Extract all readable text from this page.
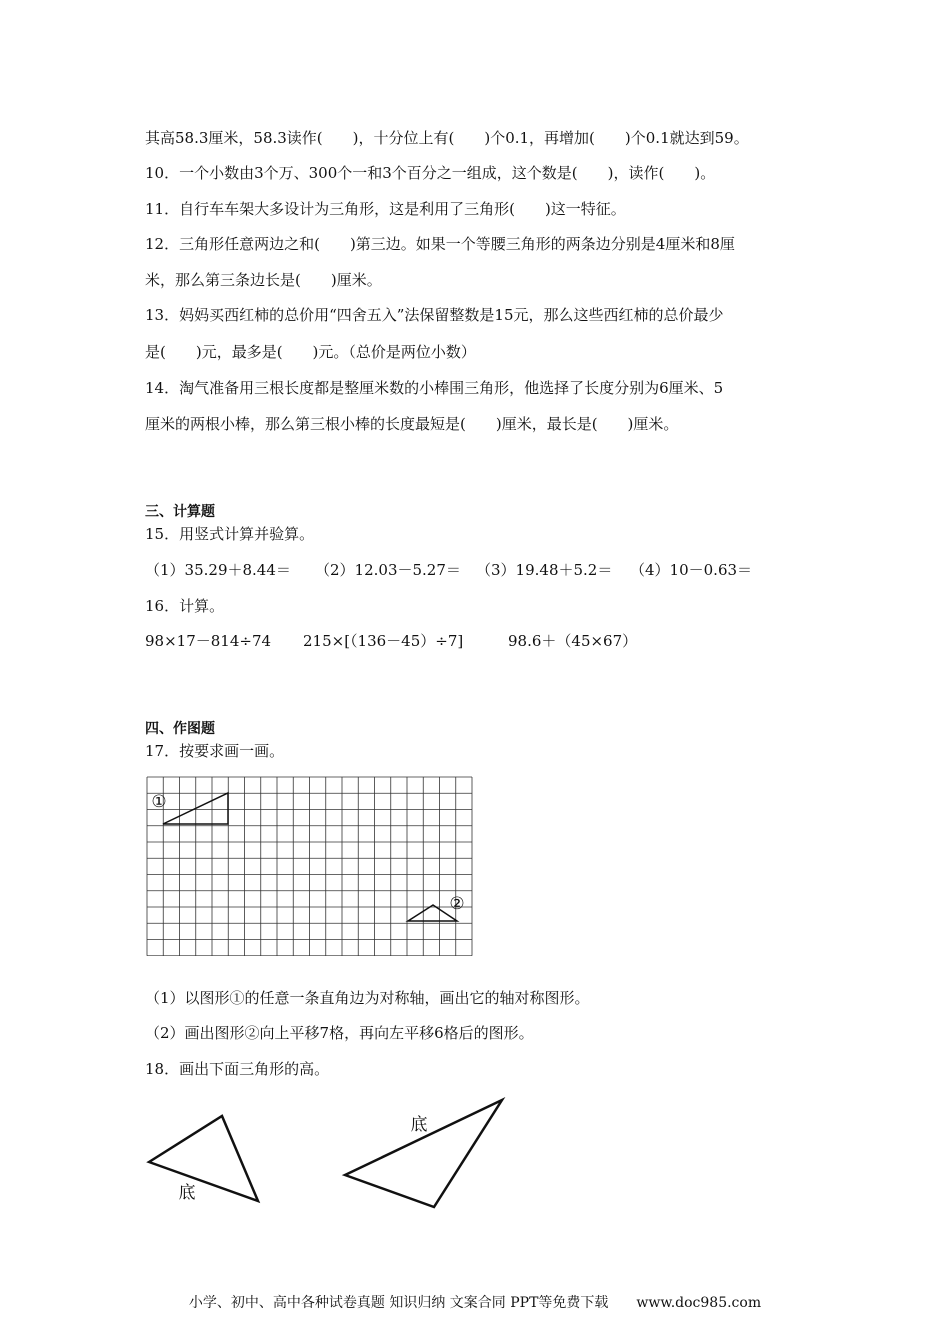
其高58.3厘米，58.3读作(　　)，十分位上有(　　)个0.1，再增加(　　)个0.1就达到59。
10．一个小数由3个万、300个一和3个百分之一组成，这个数是(　　)，读作(　　)。
11．自行车车架大多设计为三角形，这是利用了三角形(　　)这一特征。
12．三角形任意两边之和(　　)第三边。如果一个等腰三角形的两条边分别是4厘米和8厘
米，那么第三条边长是(　　)厘米。
13．妈妈买西红柿的总价用“四舍五入”法保留整数是15元，那么这些西红柿的总价最少
是(　　)元，最多是(　　)元。（总价是两位小数）
14．淘气准备用三根长度都是整厘米数的小棒围三角形，他选择了长度分别为6厘米、5
厘米的两根小棒，那么第三根小棒的长度最短是(　　)厘米，最长是(　　)厘米。
三、计算题
15．用竖式计算并验算。
（1）35.29＋8.44＝ （2）12.03－5.27＝ （3）19.48＋5.2＝ （4）10－0.63＝
16．计算。
98×17－814÷74 215×[（136－45）÷7]	98.6＋（45×67）
四、作图题
17．按要求画一画。
①
②
（1）以图形①的任意一条直角边为对称轴，画出它的轴对称图形。
（2）画出图形②向上平移7格，再向左平移6格后的图形。
18．画出下面三角形的高。
底
底
小学、初中、高中各种试卷真题 知识归纳 文案合同 PPT等免费下载　　www.doc985.com
